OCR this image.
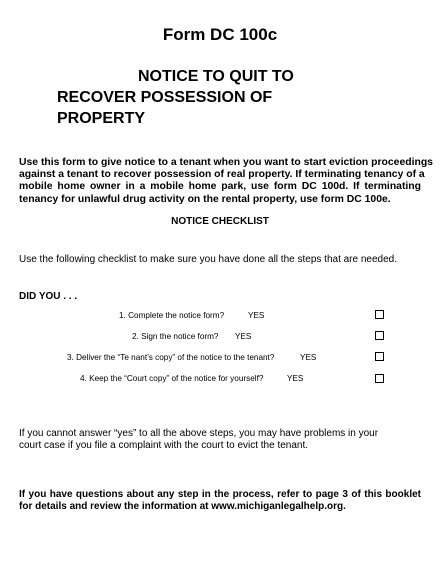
Form DC 100c
NOTICE TO QUIT TO
RECOVER POSSESSION OF
PROPERTY
Use this form to give notice to a tenant when you want to start eviction proceedings
against a tenant to recover possession of real property. If terminating tenancy of a
mobile home owner in a mobile home park, use form DC 100d. If terminating
tenancy for unlawful drug activity on the rental property, use form DC 100e.
NOTICE CHECKLIST
Use the following checklist to make sure you have done all the steps that are needed.
DID YOU . . .
1. Complete the notice form?	YES
2. Sign the notice form? YES
3. Deliver the “Te nant’s copy” of the notice to the tenant?	YES
4. Keep the “Court copy” of the notice for yourself?	YES
If you cannot answer “yes” to all the above steps, you may have problems in your
court case if you file a complaint with the court to evict the tenant.
If you have questions about any step in the process, refer to page 3 of this booklet
for details and review the information at www.michiganlegalhelp.org.
